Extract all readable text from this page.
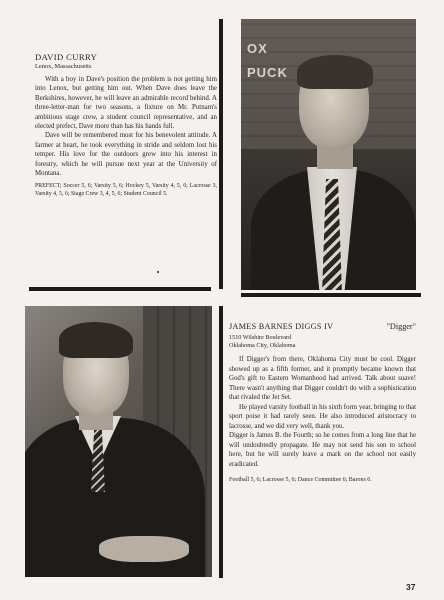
DAVID CURRY

Lenox, Massachusetts

With a boy in Dave's position the problem is not getting him into Lenox, but getting him out. When Dave does leave the Berkshires, however, he will leave an admirable record behind. A three-letter-man for two seasons, a fixture on Mr. Putnam's ambitious stage crew, a student council representative, and an elected prefect, Dave more than has his hands full.

Dave will be remembered most for his benevolent attitude. A farmer at heart, he took everything in stride and seldom lost his temper. His love for the outdoors grew into his interest in forestry, which he will pursue next year at the University of Montana.

PREFECT; Soccer 5, 6; Varsity 5, 6; Hockey 5, Varsity 4, 5, 6; Lacrosse 3, Varsity 4, 5, 6; Stage Crew 3, 4, 5, 6; Student Council 5.
OX
PUCK

JAMES BARNES DIGGS IV	"Digger"
1510 Wilshire Boulevard
Oklahoma City, Oklahoma

If Digger's from there, Oklahoma City must be cool. Digger showed up as a fifth former, and it promptly became known that God's gift to Eastern Womanhood had arrived. Talk about suave! There wasn't anything that Digger couldn't do with a sophistication that rivaled the Jet Set.

He played varsity football in his sixth form year, bringing to that sport poise it had rarely seen. He also introduced aristocracy to lacrosse, and we did very well, thank you.

Digger is James B. the Fourth; so he comes from a long line that he will undoubtedly propagate. He may not send his son to school here, but he will surely leave a mark on the school not easily eradicated.

Football 5, 6; Lacrosse 5, 6; Dance Committee 6; Barons 6.
37
